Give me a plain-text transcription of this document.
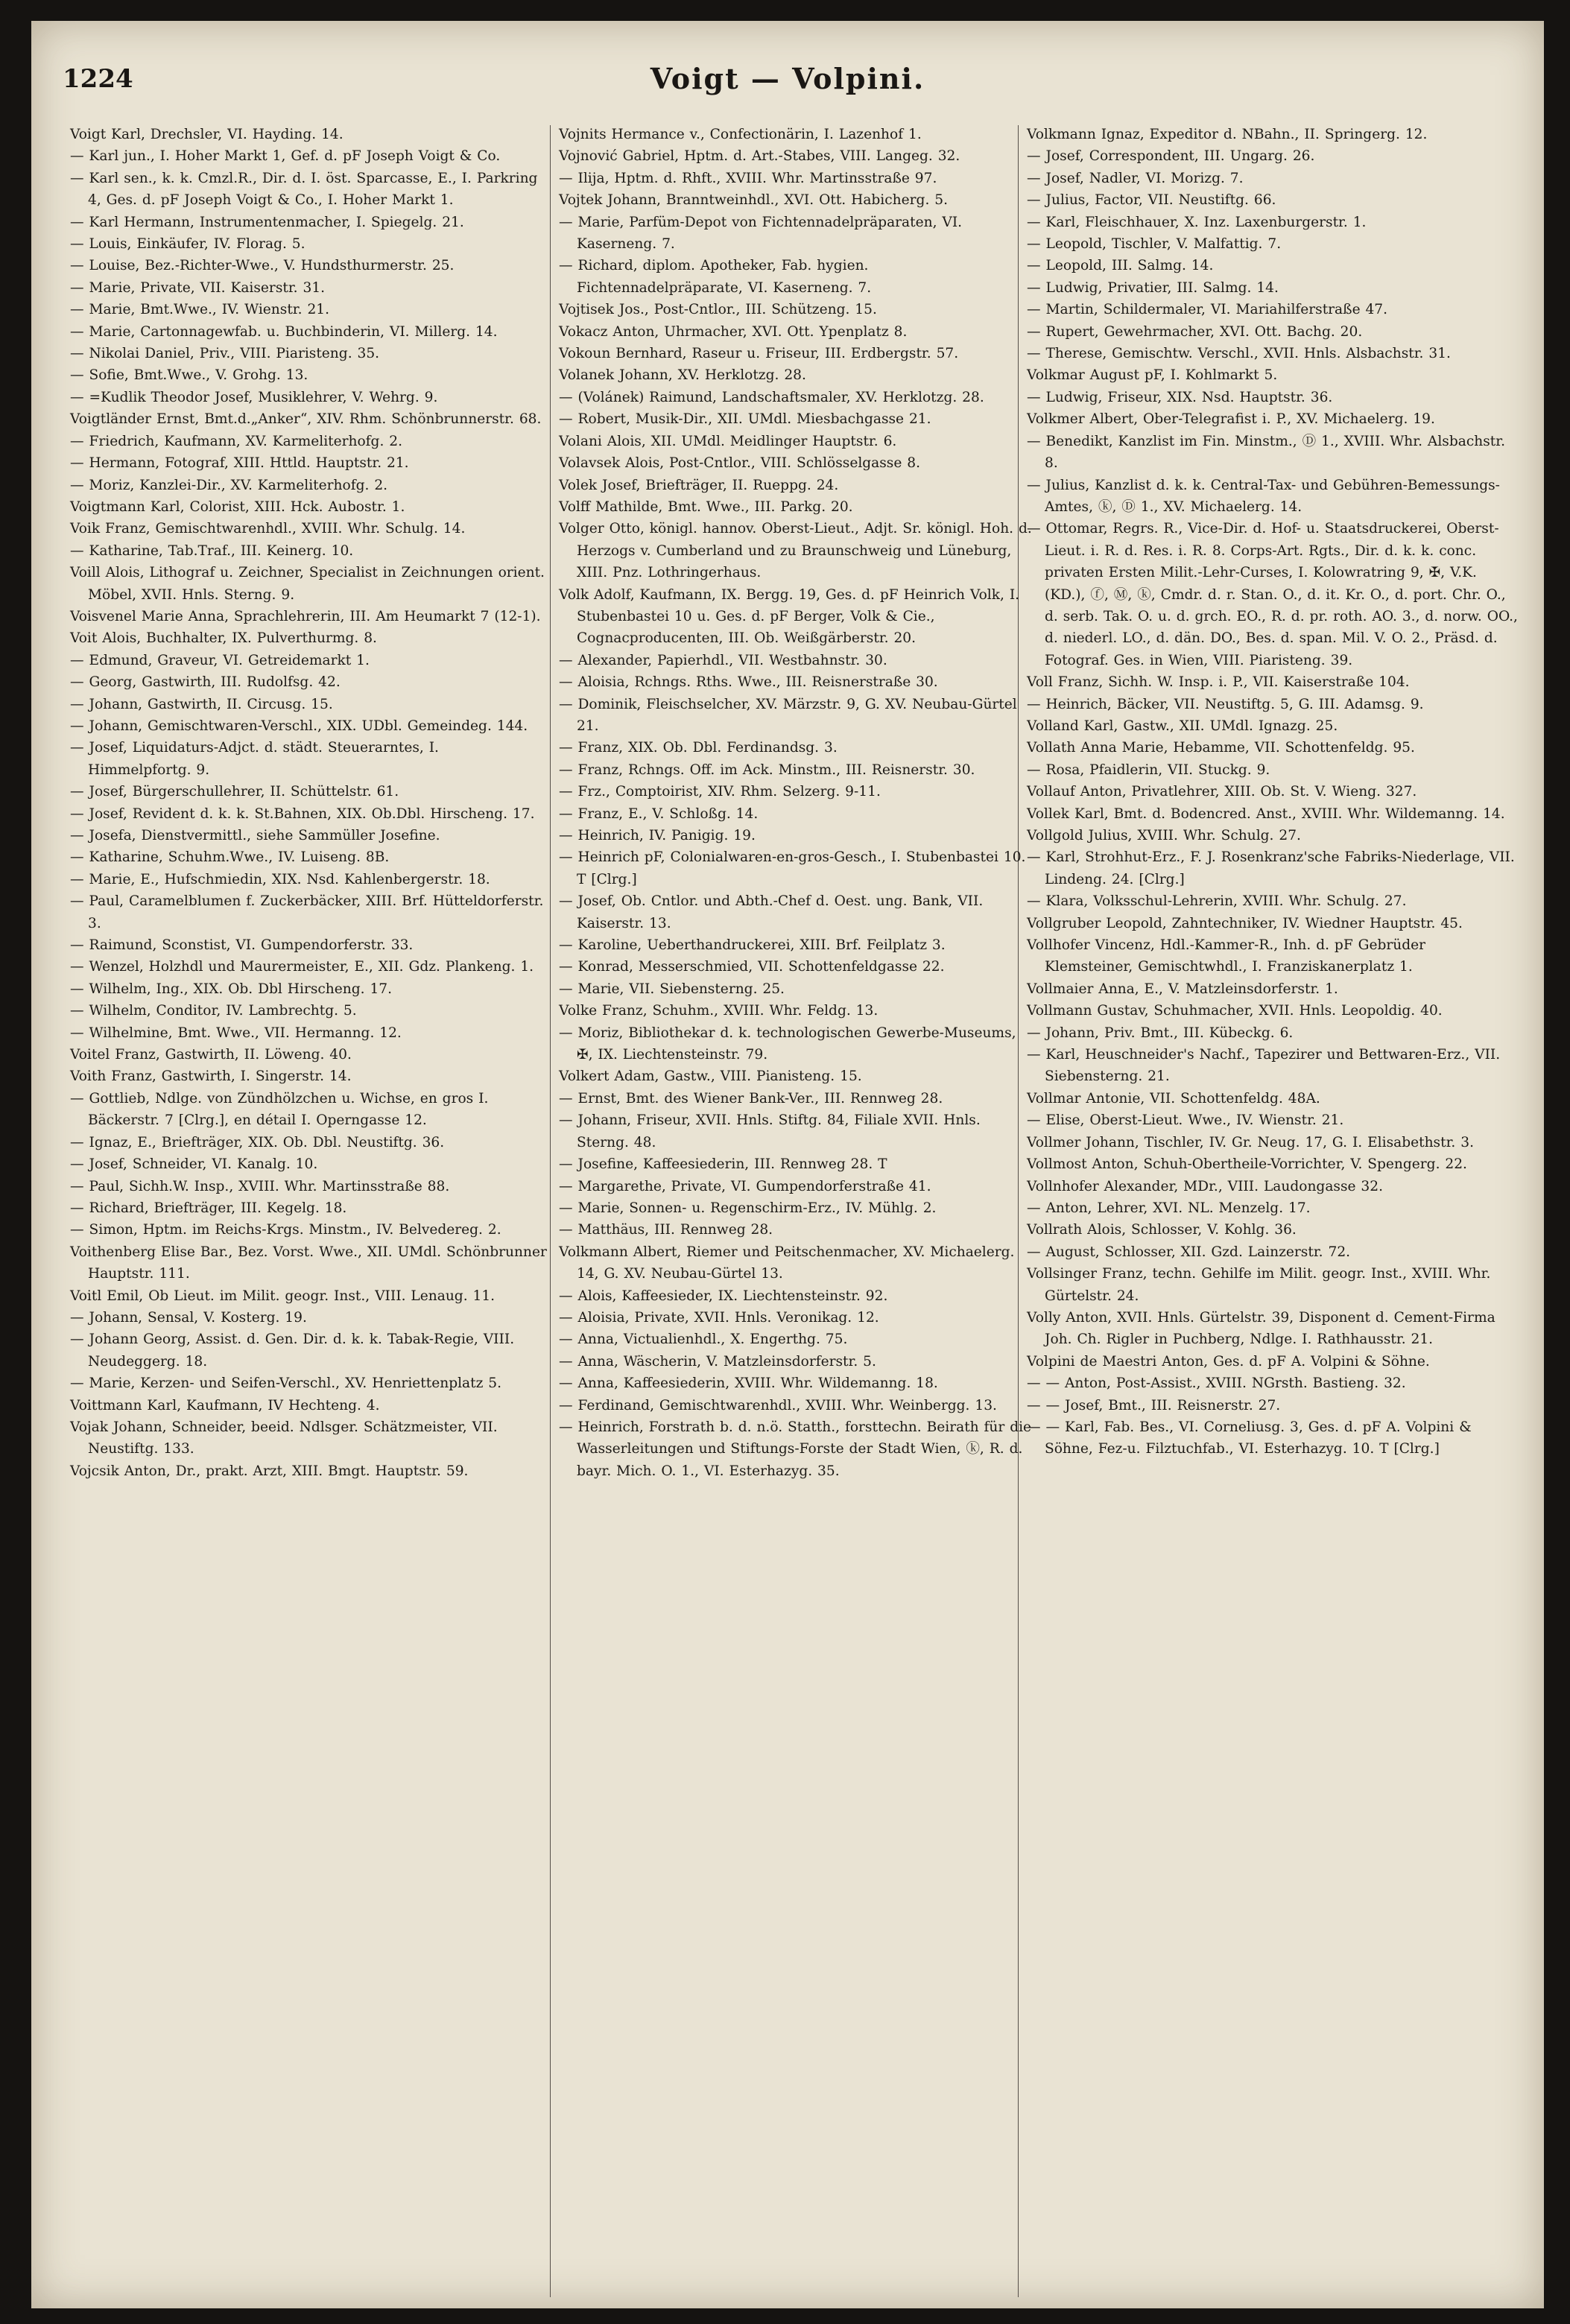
1224	Voigt — Volpini.
Voigt Karl, Drechsler, VI. Hayding. 14.
— Karl jun., I. Hoher Markt 1, Gef. d. pF Joseph Voigt & Co.
— Karl sen., k. k. Cmzl.R., Dir. d. I. öst. Sparcasse, E., I. Parkring 4, Ges. d. pF Joseph Voigt & Co., I. Hoher Markt 1.
— Karl Hermann, Instrumentenmacher, I. Spiegelg. 21.
— Louis, Einkäufer, IV. Florag. 5.
— Louise, Bez.-Richter-Wwe., V. Hundsthurmerstr. 25.
— Marie, Private, VII. Kaiserstr. 31.
— Marie, Bmt.Wwe., IV. Wienstr. 21.
— Marie, Cartonnagewfab. u. Buchbinderin, VI. Millerg. 14.
— Nikolai Daniel, Priv., VIII. Piaristeng. 35.
— Sofie, Bmt.Wwe., V. Grohg. 13.
— =Kudlik Theodor Josef, Musiklehrer, V. Wehrg. 9.
Voigtländer Ernst, Bmt.d.„Anker“, XIV. Rhm. Schönbrunnerstr. 68.
— Friedrich, Kaufmann, XV. Karmeliterhofg. 2.
— Hermann, Fotograf, XIII. Httld. Hauptstr. 21.
— Moriz, Kanzlei-Dir., XV. Karmeliterhofg. 2.
Voigtmann Karl, Colorist, XIII. Hck. Aubostr. 1.
Voik Franz, Gemischtwarenhdl., XVIII. Whr. Schulg. 14.
— Katharine, Tab.Traf., III. Keinerg. 10.
Voill Alois, Lithograf u. Zeichner, Specialist in Zeichnungen orient. Möbel, XVII. Hnls. Sterng. 9.
Voisvenel Marie Anna, Sprachlehrerin, III. Am Heumarkt 7 (12-1).
Voit Alois, Buchhalter, IX. Pulverthurmg. 8.
— Edmund, Graveur, VI. Getreidemarkt 1.
— Georg, Gastwirth, III. Rudolfsg. 42.
— Johann, Gastwirth, II. Circusg. 15.
— Johann, Gemischtwaren-Verschl., XIX. UDbl. Gemeindeg. 144.
— Josef, Liquidaturs-Adjct. d. städt. Steuerarntes, I. Himmelpfortg. 9.
— Josef, Bürgerschullehrer, II. Schüttelstr. 61.
— Josef, Revident d. k. k. St.Bahnen, XIX. Ob.Dbl. Hirscheng. 17.
— Josefa, Dienstvermittl., siehe Sammüller Josefine.
— Katharine, Schuhm.Wwe., IV. Luiseng. 8B.
— Marie, E., Hufschmiedin, XIX. Nsd. Kahlenbergerstr. 18.
— Paul, Caramelblumen f. Zuckerbäcker, XIII. Brf. Hütteldorferstr. 3.
— Raimund, Sconstist, VI. Gumpendorferstr. 33.
— Wenzel, Holzhdl und Maurermeister, E., XII. Gdz. Plankeng. 1.
— Wilhelm, Ing., XIX. Ob. Dbl Hirscheng. 17.
— Wilhelm, Conditor, IV. Lambrechtg. 5.
— Wilhelmine, Bmt. Wwe., VII. Hermanng. 12.
Voitel Franz, Gastwirth, II. Löweng. 40.
Voith Franz, Gastwirth, I. Singerstr. 14.
— Gottlieb, Ndlge. von Zündhölzchen u. Wichse, en gros I. Bäckerstr. 7 [Clrg.], en détail I. Operngasse 12.
— Ignaz, E., Briefträger, XIX. Ob. Dbl. Neustiftg. 36.
— Josef, Schneider, VI. Kanalg. 10.
— Paul, Sichh.W. Insp., XVIII. Whr. Martinsstraße 88.
— Richard, Briefträger, III. Kegelg. 18.
— Simon, Hptm. im Reichs-Krgs. Minstm., IV. Belvedereg. 2.
Voithenberg Elise Bar., Bez. Vorst. Wwe., XII. UMdl. Schönbrunner Hauptstr. 111.
Voitl Emil, Ob Lieut. im Milit. geogr. Inst., VIII. Lenaug. 11.
— Johann, Sensal, V. Kosterg. 19.
— Johann Georg, Assist. d. Gen. Dir. d. k. k. Tabak-Regie, VIII. Neudeggerg. 18.
— Marie, Kerzen- und Seifen-Verschl., XV. Henriettenplatz 5.
Voittmann Karl, Kaufmann, IV Hechteng. 4.
Vojak Johann, Schneider, beeid. Ndlsger. Schätzmeister, VII. Neustiftg. 133.
Vojcsik Anton, Dr., prakt. Arzt, XIII. Bmgt. Hauptstr. 59.
Vojnits Hermance v., Confectionärin, I. Lazenhof 1.
Vojnović Gabriel, Hptm. d. Art.-Stabes, VIII. Langeg. 32.
— Ilija, Hptm. d. Rhft., XVIII. Whr. Martinsstraße 97.
Vojtek Johann, Branntweinhdl., XVI. Ott. Habicherg. 5.
— Marie, Parfüm-Depot von Fichtennadelpräparaten, VI. Kaserneng. 7.
— Richard, diplom. Apotheker, Fab. hygien. Fichtennadelpräparate, VI. Kaserneng. 7.
Vojtisek Jos., Post-Cntlor., III. Schützeng. 15.
Vokacz Anton, Uhrmacher, XVI. Ott. Ypenplatz 8.
Vokoun Bernhard, Raseur u. Friseur, III. Erdbergstr. 57.
Volanek Johann, XV. Herklotzg. 28.
— (Volánek) Raimund, Landschaftsmaler, XV. Herklotzg. 28.
— Robert, Musik-Dir., XII. UMdl. Miesbachgasse 21.
Volani Alois, XII. UMdl. Meidlinger Hauptstr. 6.
Volavsek Alois, Post-Cntlor., VIII. Schlösselgasse 8.
Volek Josef, Briefträger, II. Rueppg. 24.
Volff Mathilde, Bmt. Wwe., III. Parkg. 20.
Volger Otto, königl. hannov. Oberst-Lieut., Adjt. Sr. königl. Hoh. d. Herzogs v. Cumberland und zu Braunschweig und Lüneburg, XIII. Pnz. Lothringerhaus.
Volk Adolf, Kaufmann, IX. Bergg. 19, Ges. d. pF Heinrich Volk, I. Stubenbastei 10 u. Ges. d. pF Berger, Volk & Cie., Cognacproducenten, III. Ob. Weißgärberstr. 20.
— Alexander, Papierhdl., VII. Westbahnstr. 30.
— Aloisia, Rchngs. Rths. Wwe., III. Reisnerstraße 30.
— Dominik, Fleischselcher, XV. Märzstr. 9, G. XV. Neubau-Gürtel 21.
— Franz, XIX. Ob. Dbl. Ferdinandsg. 3.
— Franz, Rchngs. Off. im Ack. Minstm., III. Reisnerstr. 30.
— Frz., Comptoirist, XIV. Rhm. Selzerg. 9-11.
— Franz, E., V. Schloßg. 14.
— Heinrich, IV. Panigig. 19.
— Heinrich pF, Colonialwaren-en-gros-Gesch., I. Stubenbastei 10. T [Clrg.]
— Josef, Ob. Cntlor. und Abth.-Chef d. Oest. ung. Bank, VII. Kaiserstr. 13.
— Karoline, Ueberthandruckerei, XIII. Brf. Feilplatz 3.
— Konrad, Messerschmied, VII. Schottenfeldgasse 22.
— Marie, VII. Siebensterng. 25.
Volke Franz, Schuhm., XVIII. Whr. Feldg. 13.
— Moriz, Bibliothekar d. k. technologischen Gewerbe-Museums, ✠, IX. Liechtensteinstr. 79.
Volkert Adam, Gastw., VIII. Pianisteng. 15.
— Ernst, Bmt. des Wiener Bank-Ver., III. Rennweg 28.
— Johann, Friseur, XVII. Hnls. Stiftg. 84, Filiale XVII. Hnls. Sterng. 48.
— Josefine, Kaffeesiederin, III. Rennweg 28. T
— Margarethe, Private, VI. Gumpendorferstraße 41.
— Marie, Sonnen- u. Regenschirm-Erz., IV. Mühlg. 2.
— Matthäus, III. Rennweg 28.
Volkmann Albert, Riemer und Peitschenmacher, XV. Michaelerg. 14, G. XV. Neubau-Gürtel 13.
— Alois, Kaffeesieder, IX. Liechtensteinstr. 92.
— Aloisia, Private, XVII. Hnls. Veronikag. 12.
— Anna, Victualienhdl., X. Engerthg. 75.
— Anna, Wäscherin, V. Matzleinsdorferstr. 5.
— Anna, Kaffeesiederin, XVIII. Whr. Wildemanng. 18.
— Ferdinand, Gemischtwarenhdl., XVIII. Whr. Weinbergg. 13.
— Heinrich, Forstrath b. d. n.ö. Statth., forsttechn. Beirath für die Wasserleitungen und Stiftungs-Forste der Stadt Wien, ⓚ, R. d. bayr. Mich. O. 1., VI. Esterhazyg. 35.
Volkmann Ignaz, Expeditor d. NBahn., II. Springerg. 12.
— Josef, Correspondent, III. Ungarg. 26.
— Josef, Nadler, VI. Morizg. 7.
— Julius, Factor, VII. Neustiftg. 66.
— Karl, Fleischhauer, X. Inz. Laxenburgerstr. 1.
— Leopold, Tischler, V. Malfattig. 7.
— Leopold, III. Salmg. 14.
— Ludwig, Privatier, III. Salmg. 14.
— Martin, Schildermaler, VI. Mariahilferstraße 47.
— Rupert, Gewehrmacher, XVI. Ott. Bachg. 20.
— Therese, Gemischtw. Verschl., XVII. Hnls. Alsbachstr. 31.
Volkmar August pF, I. Kohlmarkt 5.
— Ludwig, Friseur, XIX. Nsd. Hauptstr. 36.
Volkmer Albert, Ober-Telegrafist i. P., XV. Michaelerg. 19.
— Benedikt, Kanzlist im Fin. Minstm., Ⓓ 1., XVIII. Whr. Alsbachstr. 8.
— Julius, Kanzlist d. k. k. Central-Tax- und Gebühren-Bemessungs-Amtes, ⓚ, Ⓓ 1., XV. Michaelerg. 14.
— Ottomar, Regrs. R., Vice-Dir. d. Hof- u. Staatsdruckerei, Oberst-Lieut. i. R. d. Res. i. R. 8. Corps-Art. Rgts., Dir. d. k. k. conc. privaten Ersten Milit.-Lehr-Curses, I. Kolowratring 9, ✠, V.K. (KD.), ⓕ, Ⓜ, ⓚ, Cmdr. d. r. Stan. O., d. it. Kr. O., d. port. Chr. O., d. serb. Tak. O. u. d. grch. EO., R. d. pr. roth. AO. 3., d. norw. OO., d. niederl. LO., d. dän. DO., Bes. d. span. Mil. V. O. 2., Präsd. d. Fotograf. Ges. in Wien, VIII. Piaristeng. 39.
Voll Franz, Sichh. W. Insp. i. P., VII. Kaiserstraße 104.
— Heinrich, Bäcker, VII. Neustiftg. 5, G. III. Adamsg. 9.
Volland Karl, Gastw., XII. UMdl. Ignazg. 25.
Vollath Anna Marie, Hebamme, VII. Schottenfeldg. 95.
— Rosa, Pfaidlerin, VII. Stuckg. 9.
Vollauf Anton, Privatlehrer, XIII. Ob. St. V. Wieng. 327.
Vollek Karl, Bmt. d. Bodencred. Anst., XVIII. Whr. Wildemanng. 14.
Vollgold Julius, XVIII. Whr. Schulg. 27.
— Karl, Strohhut-Erz., F. J. Rosenkranz'sche Fabriks-Niederlage, VII. Lindeng. 24. [Clrg.]
— Klara, Volksschul-Lehrerin, XVIII. Whr. Schulg. 27.
Vollgruber Leopold, Zahntechniker, IV. Wiedner Hauptstr. 45.
Vollhofer Vincenz, Hdl.-Kammer-R., Inh. d. pF Gebrüder Klemsteiner, Gemischtwhdl., I. Franziskanerplatz 1.
Vollmaier Anna, E., V. Matzleinsdorferstr. 1.
Vollmann Gustav, Schuhmacher, XVII. Hnls. Leopoldig. 40.
— Johann, Priv. Bmt., III. Kübeckg. 6.
— Karl, Heuschneider's Nachf., Tapezirer und Bettwaren-Erz., VII. Siebensterng. 21.
Vollmar Antonie, VII. Schottenfeldg. 48A.
— Elise, Oberst-Lieut. Wwe., IV. Wienstr. 21.
Vollmer Johann, Tischler, IV. Gr. Neug. 17, G. I. Elisabethstr. 3.
Vollmost Anton, Schuh-Obertheile-Vorrichter, V. Spengerg. 22.
Vollnhofer Alexander, MDr., VIII. Laudongasse 32.
— Anton, Lehrer, XVI. NL. Menzelg. 17.
Vollrath Alois, Schlosser, V. Kohlg. 36.
— August, Schlosser, XII. Gzd. Lainzerstr. 72.
Vollsinger Franz, techn. Gehilfe im Milit. geogr. Inst., XVIII. Whr. Gürtelstr. 24.
Volly Anton, XVII. Hnls. Gürtelstr. 39, Disponent d. Cement-Firma Joh. Ch. Rigler in Puchberg, Ndlge. I. Rathhausstr. 21.
Volpini de Maestri Anton, Ges. d. pF A. Volpini & Söhne.
— — Anton, Post-Assist., XVIII. NGrsth. Bastieng. 32.
— — Josef, Bmt., III. Reisnerstr. 27.
— — Karl, Fab. Bes., VI. Corneliusg. 3, Ges. d. pF A. Volpini & Söhne, Fez-u. Filztuchfab., VI. Esterhazyg. 10. T [Clrg.]
